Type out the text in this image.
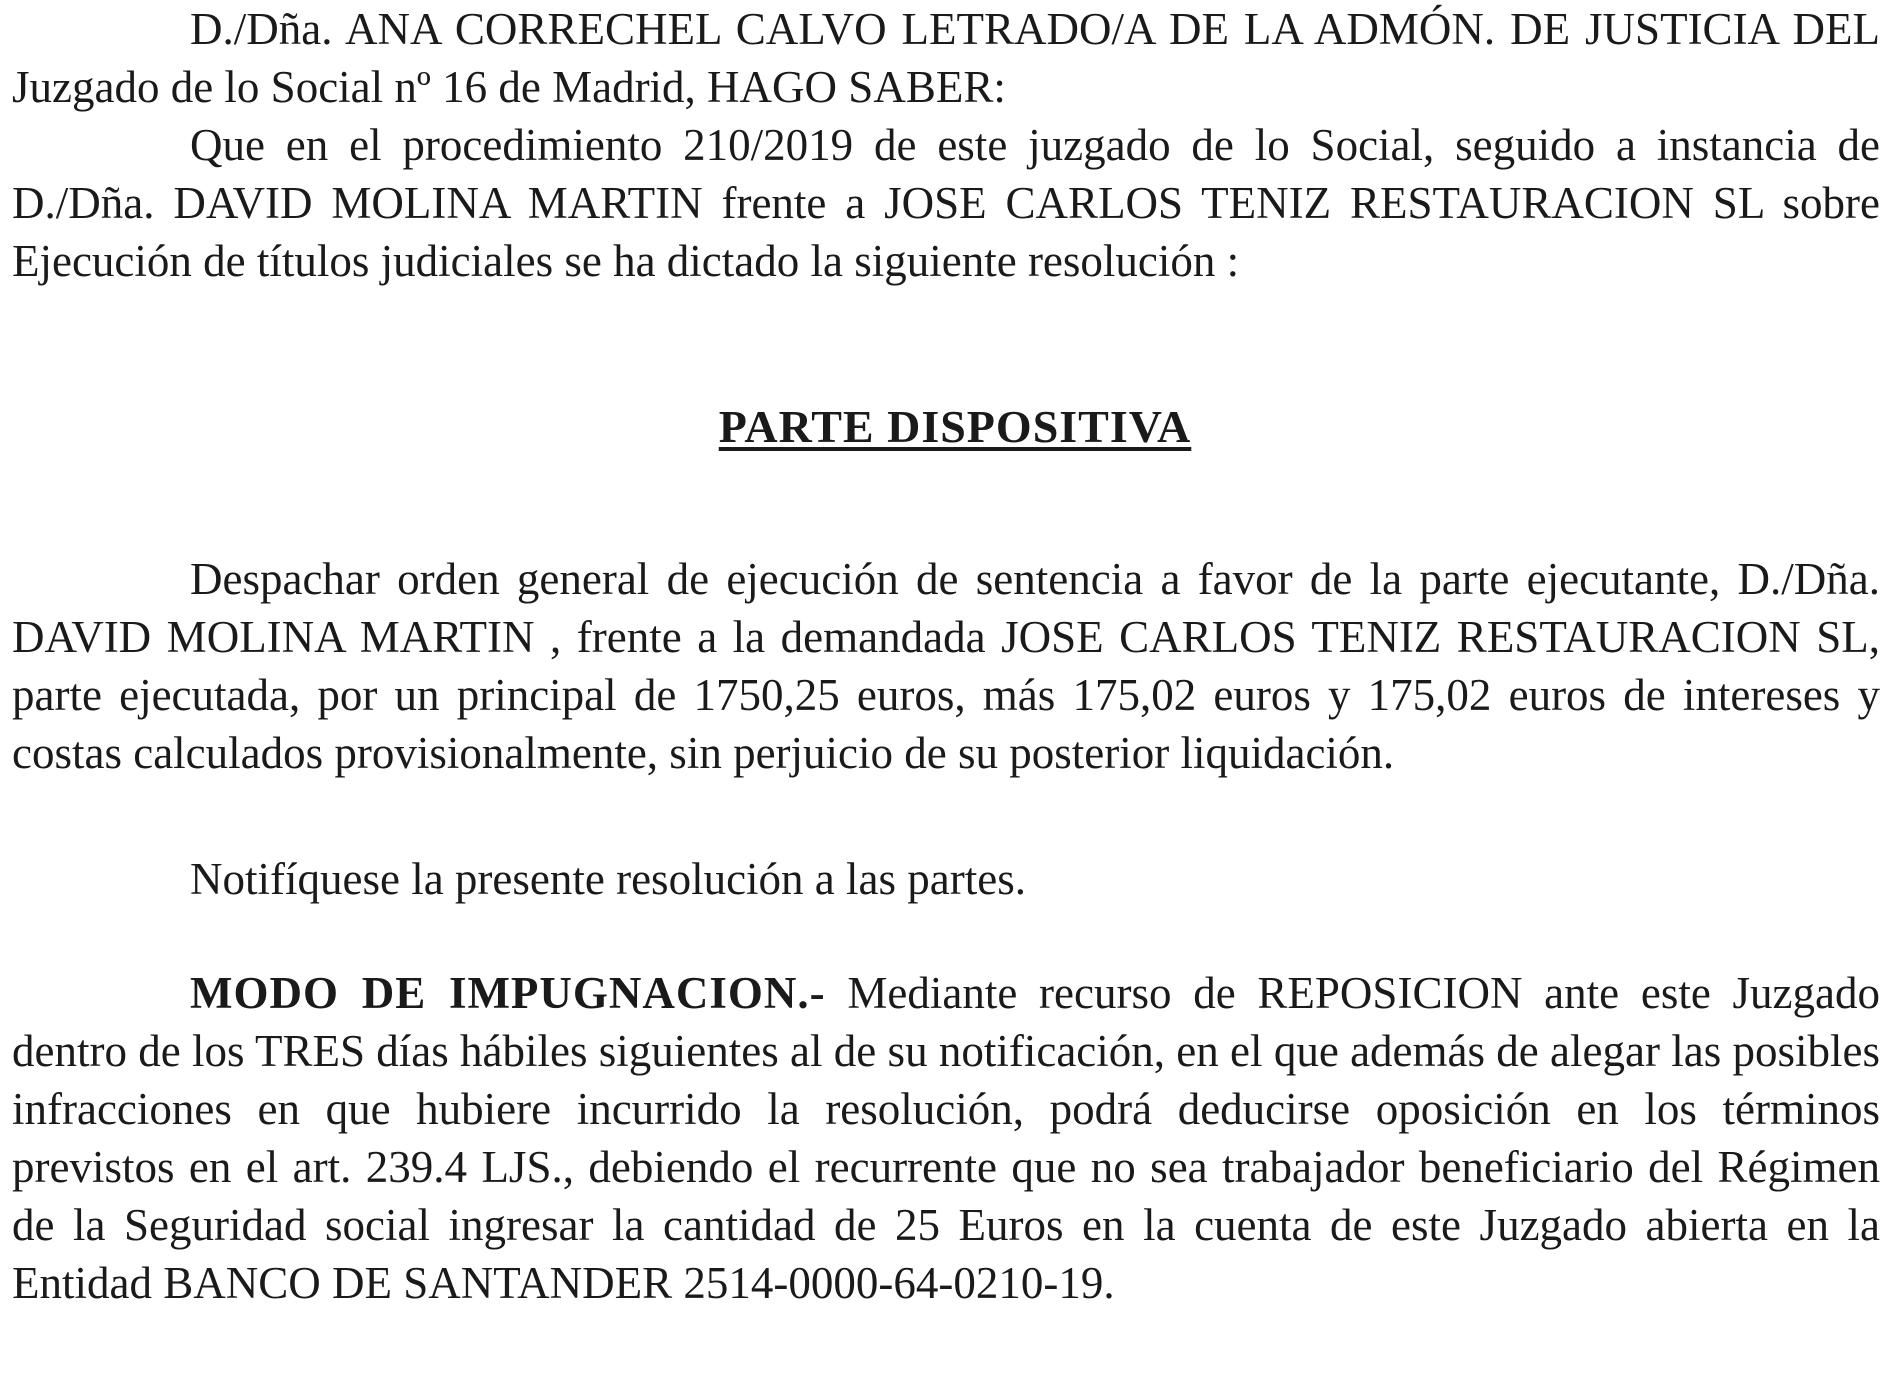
D./Dña. ANA CORRECHEL CALVO LETRADO/A DE LA ADMÓN. DE JUSTICIA DEL Juzgado de lo Social nº 16 de Madrid, HAGO SABER:

Que en el procedimiento 210/2019 de este juzgado de lo Social, seguido a instancia de D./Dña. DAVID MOLINA MARTIN frente a JOSE CARLOS TENIZ RESTAURACION SL sobre Ejecución de títulos judiciales se ha dictado la siguiente resolución :

PARTE DISPOSITIVA

Despachar orden general de ejecución de sentencia a favor de la parte ejecutante, D./Dña. DAVID MOLINA MARTIN , frente a la demandada JOSE CARLOS TENIZ RESTAURACION SL, parte ejecutada, por un principal de 1750,25 euros, más 175,02 euros y 175,02 euros de intereses y costas calculados provisionalmente, sin perjuicio de su posterior liquidación.

Notifíquese la presente resolución a las partes.

MODO DE IMPUGNACION.- Mediante recurso de REPOSICION ante este Juzgado dentro de los TRES días hábiles siguientes al de su notificación, en el que además de alegar las posibles infracciones en que hubiere incurrido la resolución, podrá deducirse oposición en los términos previstos en el art. 239.4 LJS., debiendo el recurrente que no sea trabajador beneficiario del Régimen de la Seguridad social ingresar la cantidad de 25 Euros en la cuenta de este Juzgado abierta en la Entidad BANCO DE SANTANDER 2514-0000-64-0210-19.
